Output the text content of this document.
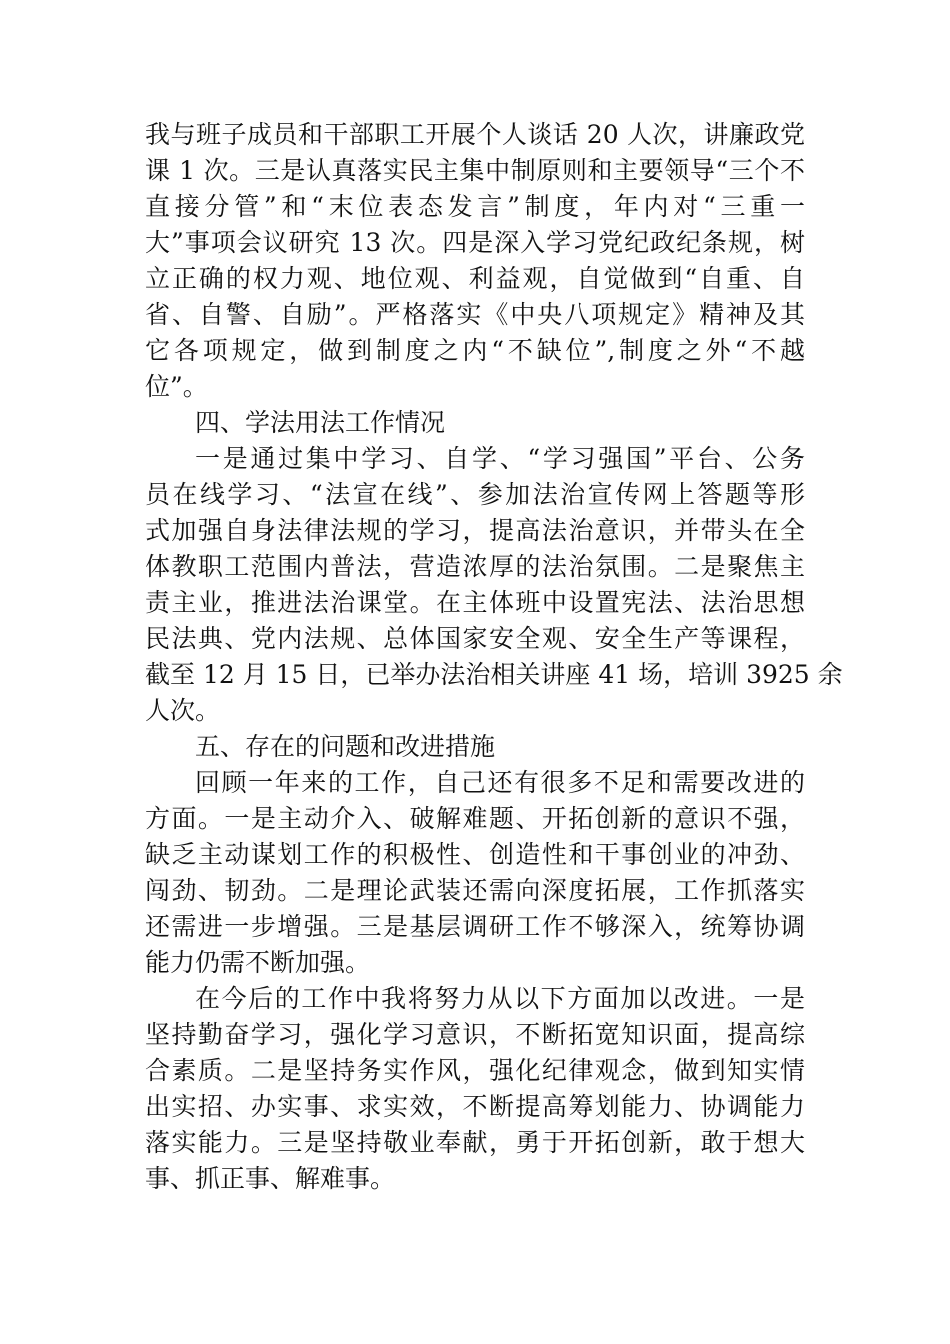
我与班子成员和干部职工开展个人谈话 20 人次，讲廉政党
课 1 次。三是认真落实民主集中制原则和主要领导“三个不
直接分管”和“末位表态发言”制度，年内对“三重一
大”事项会议研究 13 次。四是深入学习党纪政纪条规，树
立正确的权力观、地位观、利益观，自觉做到“自重、自
省、自警、自励”。严格落实《中央八项规定》精神及其
它各项规定，做到制度之内“不缺位”,制度之外“不越
位”。
四、学法用法工作情况
一是通过集中学习、自学、“学习强国”平台、公务
员在线学习、“法宣在线”、参加法治宣传网上答题等形
式加强自身法律法规的学习，提高法治意识，并带头在全
体教职工范围内普法，营造浓厚的法治氛围。二是聚焦主
责主业，推进法治课堂。在主体班中设置宪法、法治思想
民法典、党内法规、总体国家安全观、安全生产等课程，
截至 12 月 15 日，已举办法治相关讲座 41 场，培训 3925 余
人次。
五、存在的问题和改进措施
回顾一年来的工作，自己还有很多不足和需要改进的
方面。一是主动介入、破解难题、开拓创新的意识不强，
缺乏主动谋划工作的积极性、创造性和干事创业的冲劲、
闯劲、韧劲。二是理论武装还需向深度拓展，工作抓落实
还需进一步增强。三是基层调研工作不够深入，统筹协调
能力仍需不断加强。
在今后的工作中我将努力从以下方面加以改进。一是
坚持勤奋学习，强化学习意识，不断拓宽知识面，提高综
合素质。二是坚持务实作风，强化纪律观念，做到知实情
出实招、办实事、求实效，不断提高筹划能力、协调能力
落实能力。三是坚持敬业奉献，勇于开拓创新，敢于想大
事、抓正事、解难事。
